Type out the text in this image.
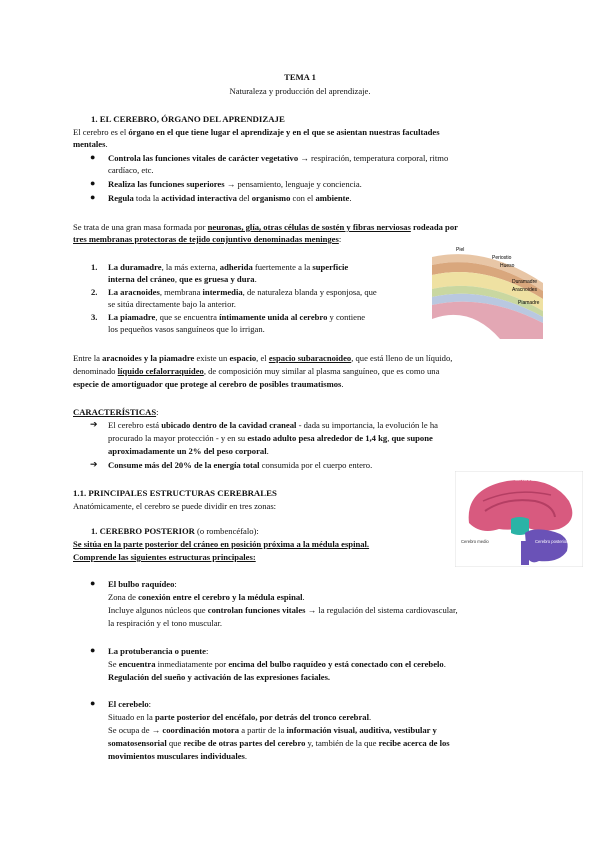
TEMA 1
Naturaleza y producción del aprendizaje.
1. EL CEREBRO, ÓRGANO DEL APRENDIZAJE
El cerebro es el órgano en el que tiene lugar el aprendizaje y en el que se asientan nuestras facultades
mentales.
● Controla las funciones vitales de carácter vegetativo → respiración, temperatura corporal, ritmo
cardíaco, etc.
● Realiza las funciones superiores → pensamiento, lenguaje y conciencia.
● Regula toda la actividad interactiva del organismo con el ambiente.
Se trata de una gran masa formada por neuronas, glía, otras células de sostén y fibras nerviosas rodeada por
tres membranas protectoras de tejido conjuntivo denominadas meninges:
1. La duramadre, la más externa, adherida fuertemente a la superficie
interna del cráneo, que es gruesa y dura.
2. La aracnoides, membrana intermedia, de naturaleza blanda y esponjosa, que
se sitúa directamente bajo la anterior.
3. La piamadre, que se encuentra íntimamente unida al cerebro y contiene
los pequeños vasos sanguíneos que lo irrigan.
Piel
Periostio
Hueso
Duramadre
Aracnoides
Piamadre
Entre la aracnoides y la piamadre existe un espacio, el espacio subaracnoideo, que está lleno de un líquido,
denominado líquido cefalorraquídeo, de composición muy similar al plasma sanguíneo, que es como una
especie de amortiguador que protege al cerebro de posibles traumatismos.
CARACTERÍSTICAS:
➔ El cerebro está ubicado dentro de la cavidad craneal - dada su importancia, la evolución le ha
procurado la mayor protección - y en su estado adulto pesa alrededor de 1,4 kg, que supone
aproximadamente un 2% del peso corporal.
➔ Consume más del 20% de la energía total consumida por el cuerpo entero.
1.1. PRINCIPALES ESTRUCTURAS CEREBRALES
Anatómicamente, el cerebro se puede dividir en tres zonas:
1. CEREBRO POSTERIOR (o rombencéfalo):
Se sitúa en la parte posterior del cráneo en posición próxima a la médula espinal.
Comprende las siguientes estructuras principales:
● El bulbo raquídeo:
Zona de conexión entre el cerebro y la médula espinal.
Incluye algunos núcleos que controlan funciones vitales → la regulación del sistema cardiovascular,
la respiración y el tono muscular.
● La protuberancia o puente:
Se encuentra inmediatamente por encima del bulbo raquídeo y está conectado con el cerebelo.
Regulación del sueño y activación de las expresiones faciales.
● El cerebelo:
Situado en la parte posterior del encéfalo, por detrás del tronco cerebral.
Se ocupa de → coordinación motora a partir de la información visual, auditiva, vestibular y
somatosensorial que recibe de otras partes del cerebro y, también de la que recibe acerca de los
movimientos musculares individuales.
Cerebro anterior
Cerebro medio	Cerebro posterior
